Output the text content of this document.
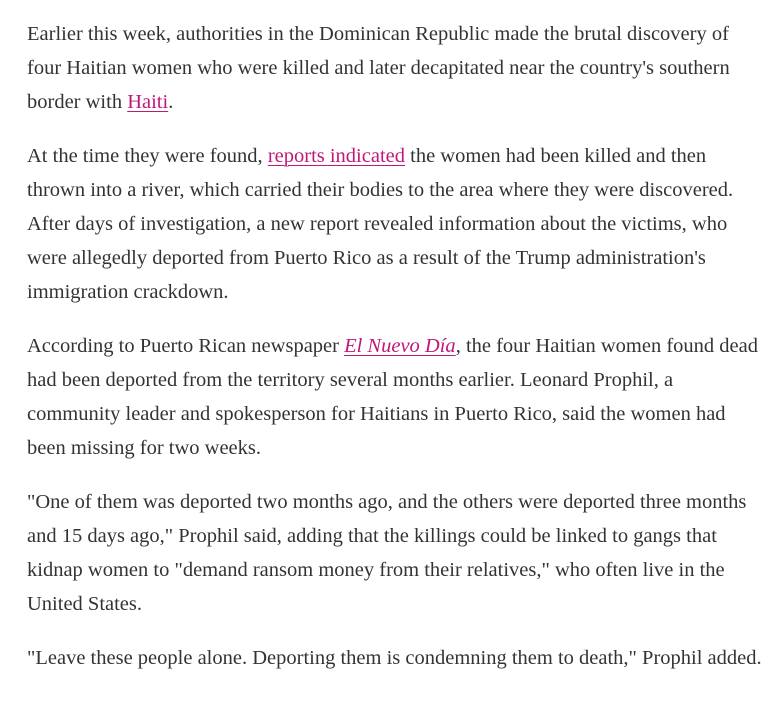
Earlier this week, authorities in the Dominican Republic made the brutal discovery of four Haitian women who were killed and later decapitated near the country's southern border with Haiti.

At the time they were found, reports indicated the women had been killed and then thrown into a river, which carried their bodies to the area where they were discovered. After days of investigation, a new report revealed information about the victims, who were allegedly deported from Puerto Rico as a result of the Trump administration's immigration crackdown.

According to Puerto Rican newspaper El Nuevo Día, the four Haitian women found dead had been deported from the territory several months earlier. Leonard Prophil, a community leader and spokesperson for Haitians in Puerto Rico, said the women had been missing for two weeks.

"One of them was deported two months ago, and the others were deported three months and 15 days ago," Prophil said, adding that the killings could be linked to gangs that kidnap women to "demand ransom money from their relatives," who often live in the United States.

"Leave these people alone. Deporting them is condemning them to death," Prophil added.
